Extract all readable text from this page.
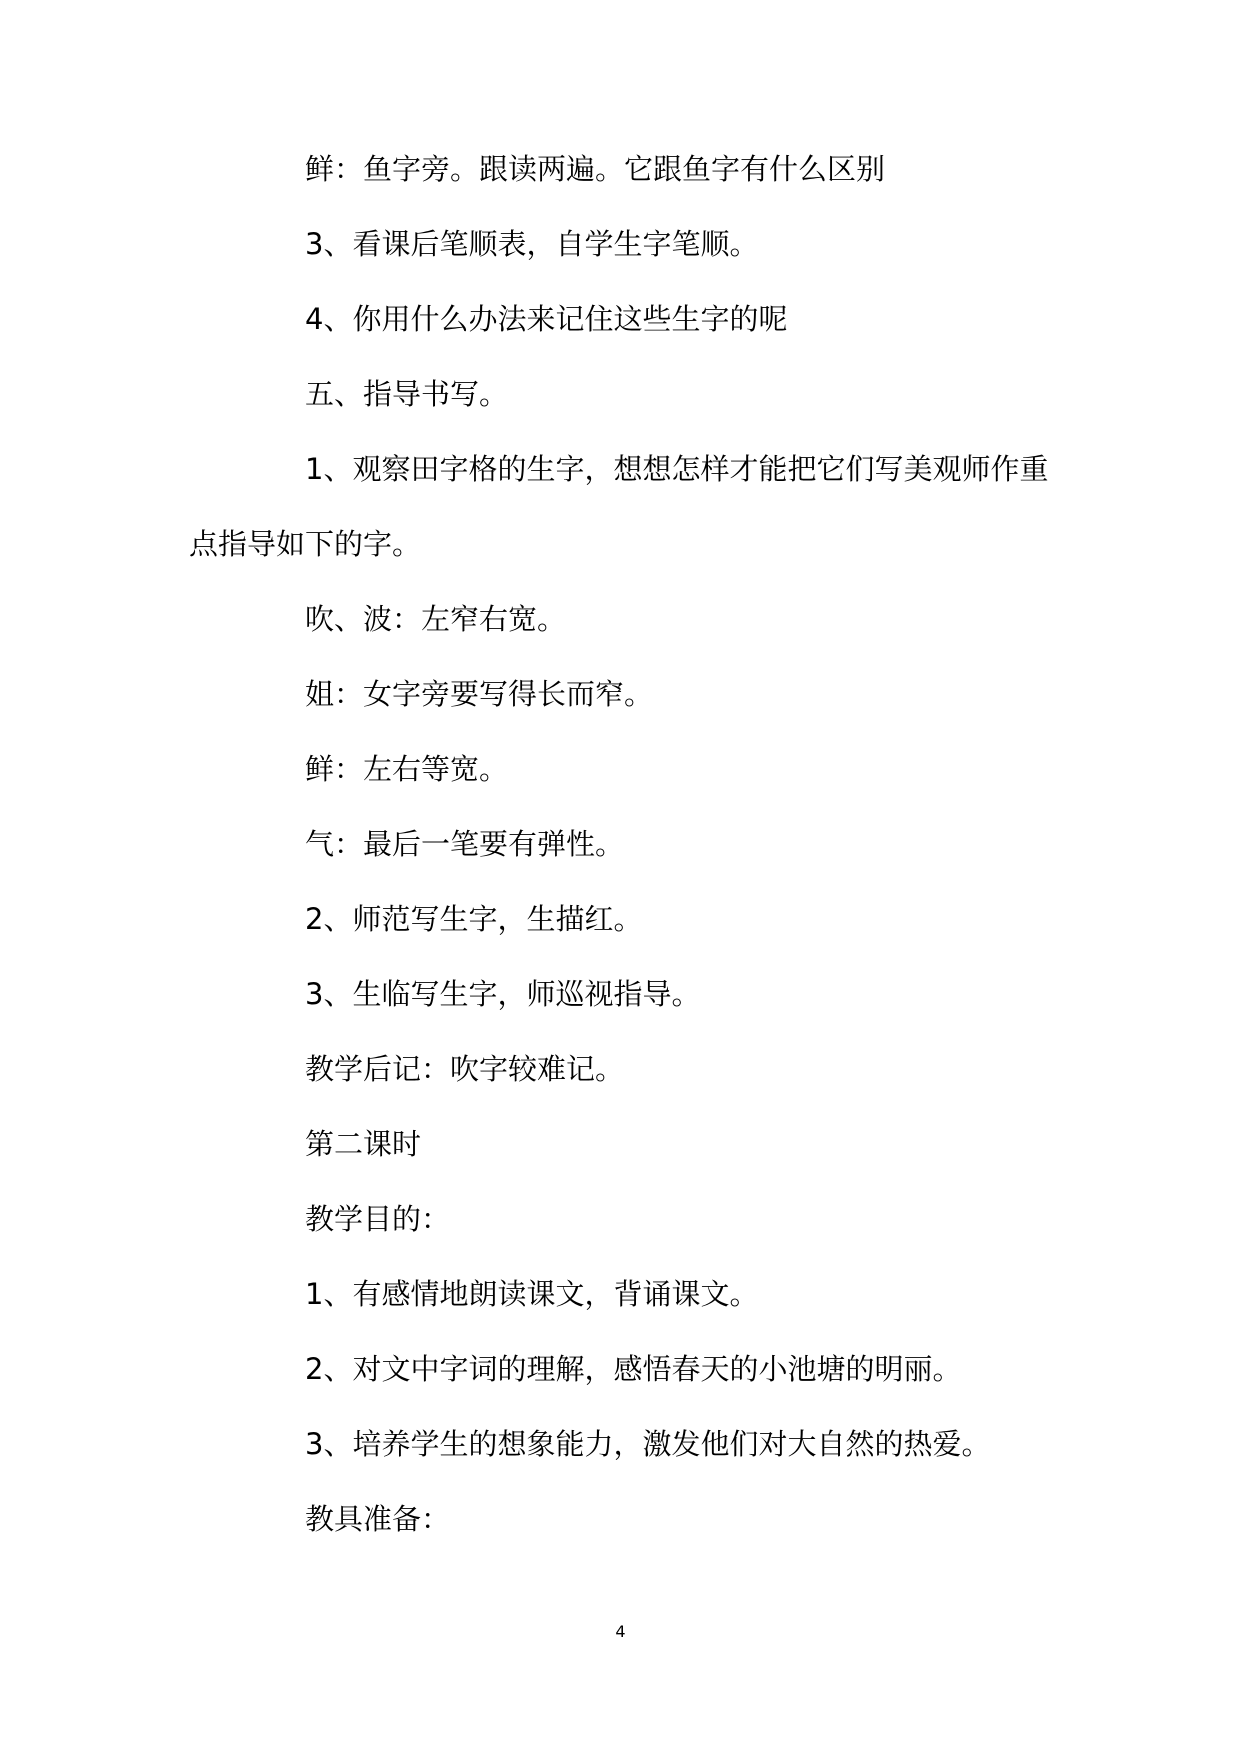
鲜：鱼字旁。跟读两遍。它跟鱼字有什么区别
3、看课后笔顺表，自学生字笔顺。
4、你用什么办法来记住这些生字的呢
五、指导书写。
1、观察田字格的生字，想想怎样才能把它们写美观师作重
点指导如下的字。
吹、波：左窄右宽。
姐：女字旁要写得长而窄。
鲜：左右等宽。
气：最后一笔要有弹性。
2、师范写生字，生描红。
3、生临写生字，师巡视指导。
教学后记：吹字较难记。
第二课时
教学目的：
1、有感情地朗读课文，背诵课文。
2、对文中字词的理解，感悟春天的小池塘的明丽。
3、培养学生的想象能力，激发他们对大自然的热爱。
教具准备：
4
